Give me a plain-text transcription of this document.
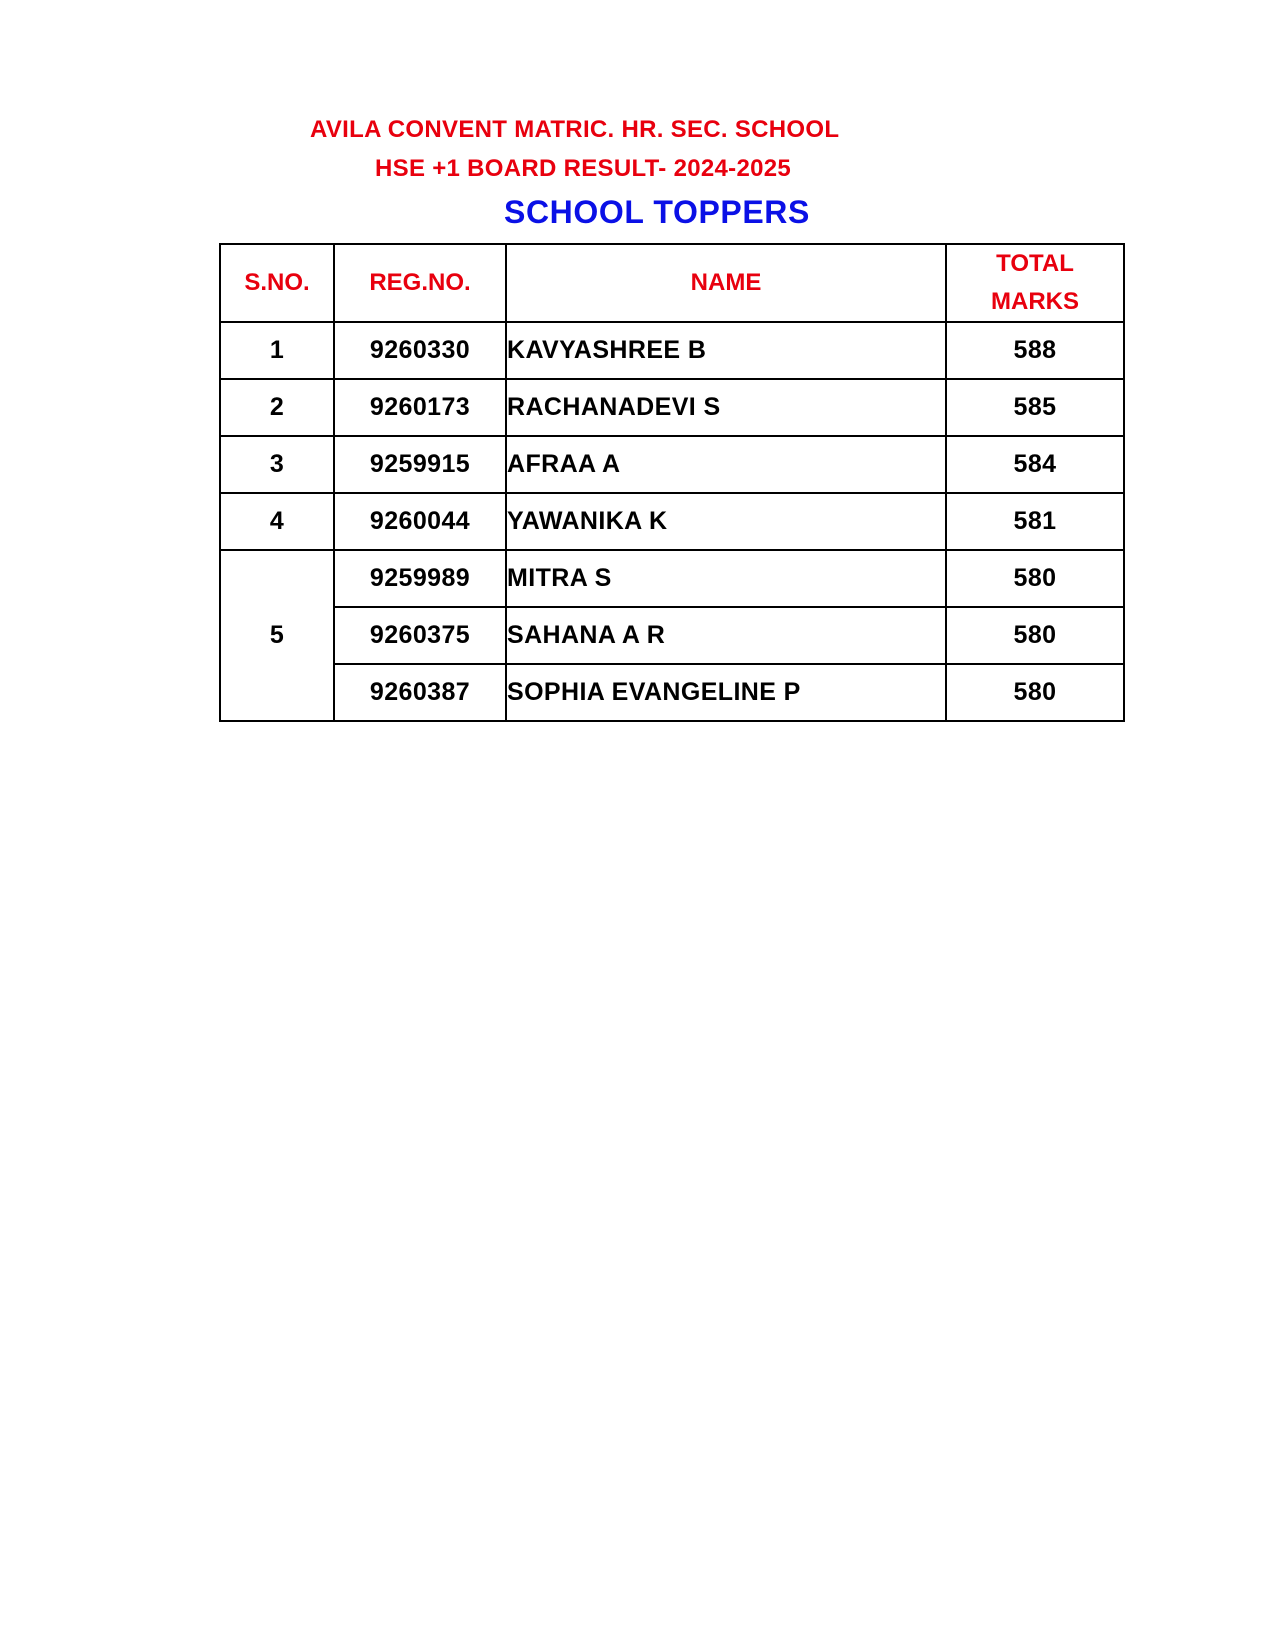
AVILA CONVENT MATRIC. HR. SEC. SCHOOL

HSE +1 BOARD RESULT- 2024-2025

SCHOOL TOPPERS

S.NO.	REG.NO.	NAME	TOTAL
MARKS
1	9260330	KAVYASHREE B	588
2	9260173	RACHANADEVI S	585
3	9259915	AFRAA A	584
4	9260044	YAWANIKA K	581
5	9259989	MITRA S	580
	9260375	SAHANA A R	580
	9260387	SOPHIA EVANGELINE P	580
